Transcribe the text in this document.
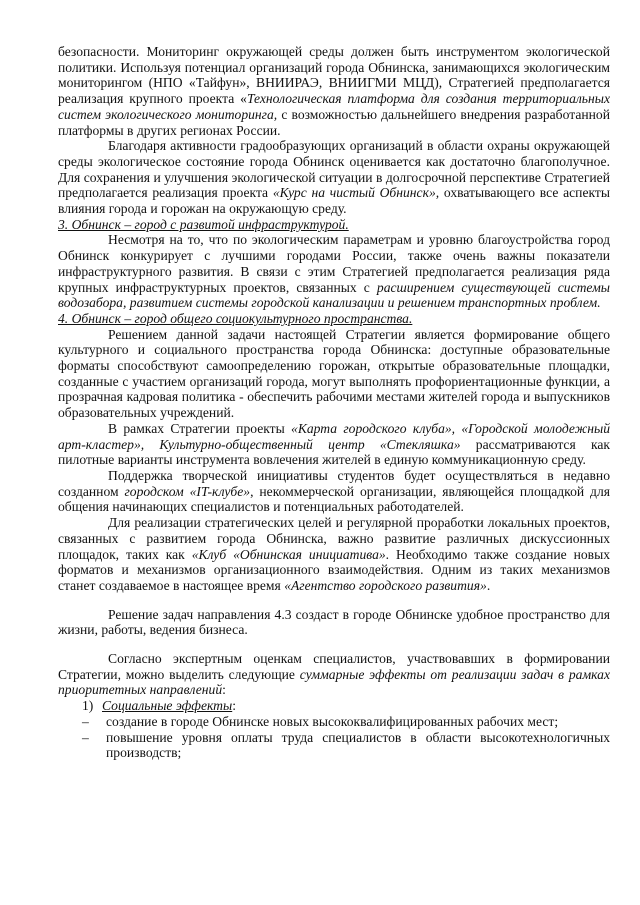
безопасности. Мониторинг окружающей среды должен быть инструментом экологической политики. Используя потенциал организаций города Обнинска, занимающихся экологическим мониторингом (НПО «Тайфун», ВНИИРАЭ, ВНИИГМИ МЦД), Стратегией предполагается реализация крупного проекта «Технологическая платформа для создания территориальных систем экологического мониторинга, с возможностью дальнейшего внедрения разработанной платформы в других регионах России.

Благодаря активности градообразующих организаций в области охраны окружающей среды экологическое состояние города Обнинск оценивается как достаточно благополучное. Для сохранения и улучшения экологической ситуации в долгосрочной перспективе Стратегией предполагается реализация проекта «Курс на чистый Обнинск», охватывающего все аспекты влияния города и горожан на окружающую среду.

3. Обнинск – город с развитой инфраструктурой.

Несмотря на то, что по экологическим параметрам и уровню благоустройства город Обнинск конкурирует с лучшими городами России, также очень важны показатели инфраструктурного развития. В связи с этим Стратегией предполагается реализация ряда крупных инфраструктурных проектов, связанных с расширением существующей системы водозабора, развитием системы городской канализации и решением транспортных проблем.

4. Обнинск – город общего социокультурного пространства.

Решением данной задачи настоящей Стратегии является формирование общего культурного и социального пространства города Обнинска: доступные образовательные форматы способствуют самоопределению горожан, открытые образовательные площадки, созданные с участием организаций города, могут выполнять профориентационные функции, а прозрачная кадровая политика - обеспечить рабочими местами жителей города и выпускников образовательных учреждений.

В рамках Стратегии проекты «Карта городского клуба», «Городской молодежный арт-кластер», Культурно-общественный центр «Стекляшка» рассматриваются как пилотные варианты инструмента вовлечения жителей в единую коммуникационную среду.

Поддержка творческой инициативы студентов будет осуществляться в недавно созданном городском «IT-клубе», некоммерческой организации, являющейся площадкой для общения начинающих специалистов и потенциальных работодателей.

Для реализации стратегических целей и регулярной проработки локальных проектов, связанных с развитием города Обнинска, важно развитие различных дискуссионных площадок, таких как «Клуб «Обнинская инициатива». Необходимо также создание новых форматов и механизмов организационного взаимодействия. Одним из таких механизмов станет создаваемое в настоящее время «Агентство городского развития».

Решение задач направления 4.3 создаст в городе Обнинске удобное пространство для жизни, работы, ведения бизнеса.

Согласно экспертным оценкам специалистов, участвовавших в формировании Стратегии, можно выделить следующие суммарные эффекты от реализации задач в рамках приоритетных направлений:

1) Социальные эффекты:

–	создание в городе Обнинске новых высококвалифицированных рабочих мест;
–	повышение уровня оплаты труда специалистов в области высокотехнологичных производств;
